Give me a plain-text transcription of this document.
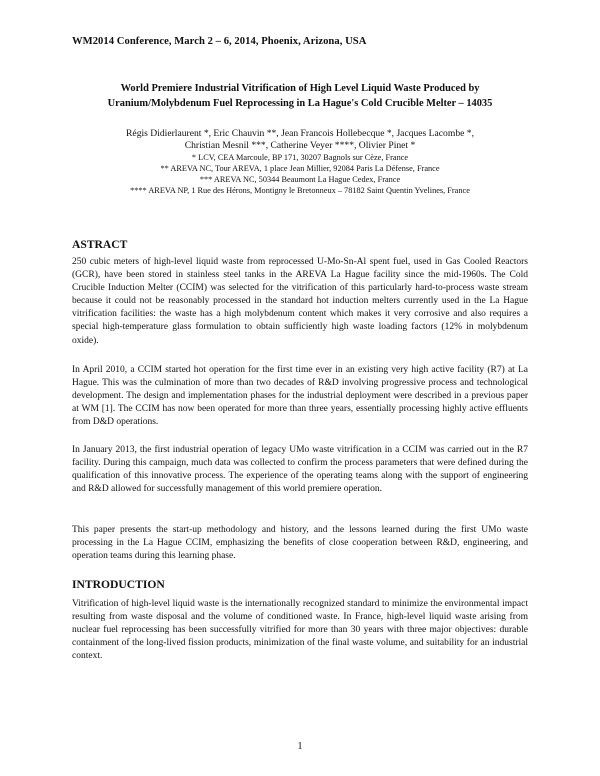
WM2014 Conference, March 2 – 6, 2014, Phoenix, Arizona, USA
World Premiere Industrial Vitrification of High Level Liquid Waste Produced by
Uranium/Molybdenum Fuel Reprocessing in La Hague's Cold Crucible Melter – 14035
Régis Didierlaurent *, Eric Chauvin **, Jean Francois Hollebecque *, Jacques Lacombe *,
Christian Mesnil ***, Catherine Veyer ****, Olivier Pinet *
* LCV, CEA Marcoule, BP 171, 30207 Bagnols sur Cèze, France
** AREVA NC, Tour AREVA, 1 place Jean Millier, 92084 Paris La Défense, France
*** AREVA NC, 50344 Beaumont La Hague Cedex, France
**** AREVA NP, 1 Rue des Hérons, Montigny le Bretonneux – 78182 Saint Quentin Yvelines, France
ASTRACT

250 cubic meters of high-level liquid waste from reprocessed U-Mo-Sn-Al spent fuel, used in Gas Cooled Reactors (GCR), have been stored in stainless steel tanks in the AREVA La Hague facility since the mid-1960s. The Cold Crucible Induction Melter (CCIM) was selected for the vitrification of this particularly hard-to-process waste stream because it could not be reasonably processed in the standard hot induction melters currently used in the La Hague vitrification facilities: the waste has a high molybdenum content which makes it very corrosive and also requires a special high-temperature glass formulation to obtain sufficiently high waste loading factors (12% in molybdenum oxide).

In April 2010, a CCIM started hot operation for the first time ever in an existing very high active facility (R7) at La Hague. This was the culmination of more than two decades of R&D involving progressive process and technological development. The design and implementation phases for the industrial deployment were described in a previous paper at WM [1]. The CCIM has now been operated for more than three years, essentially processing highly active effluents from D&D operations.

In January 2013, the first industrial operation of legacy UMo waste vitrification in a CCIM was carried out in the R7 facility. During this campaign, much data was collected to confirm the process parameters that were defined during the qualification of this innovative process. The experience of the operating teams along with the support of engineering and R&D allowed for successfully management of this world premiere operation.

This paper presents the start-up methodology and history, and the lessons learned during the first UMo waste processing in the La Hague CCIM, emphasizing the benefits of close cooperation between R&D, engineering, and operation teams during this learning phase.

INTRODUCTION

Vitrification of high-level liquid waste is the internationally recognized standard to minimize the environmental impact resulting from waste disposal and the volume of conditioned waste. In France, high-level liquid waste arising from nuclear fuel reprocessing has been successfully vitrified for more than 30 years with three major objectives: durable containment of the long-lived fission products, minimization of the final waste volume, and suitability for an industrial context.

1
